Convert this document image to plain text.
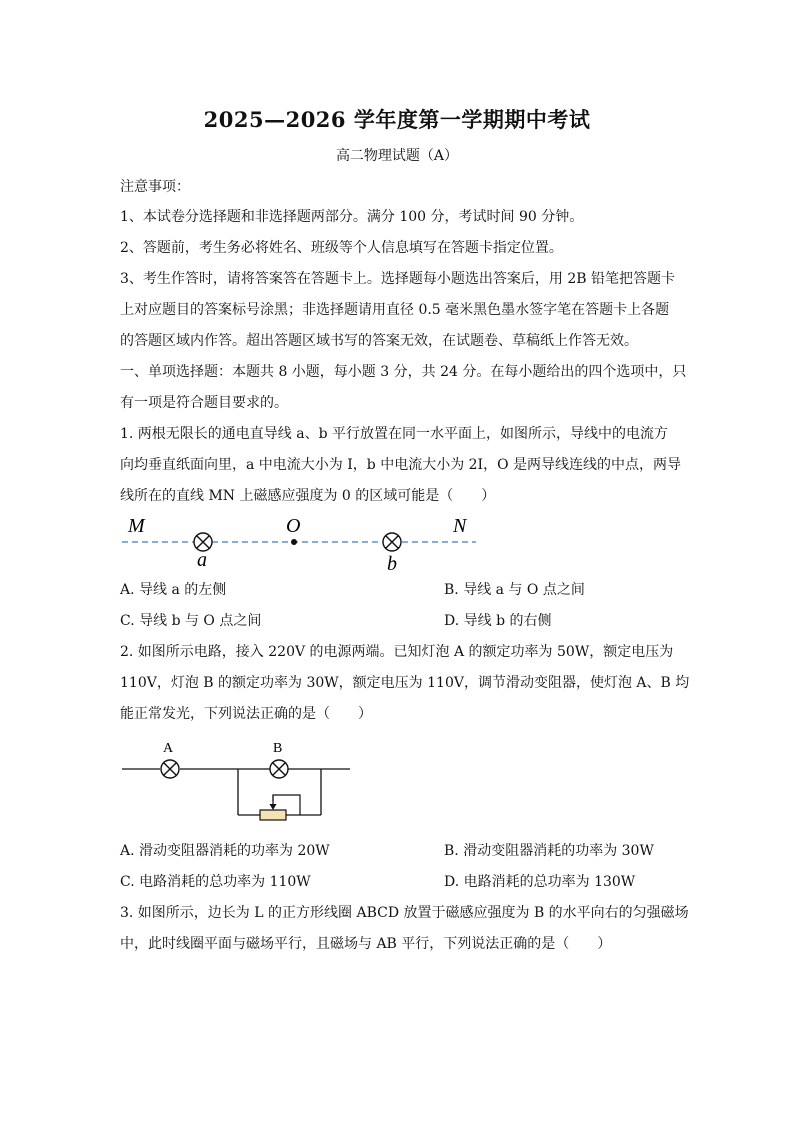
2025—2026 学年度第一学期期中考试
高二物理试题（A）
注意事项：
1、本试卷分选择题和非选择题两部分。满分 100 分，考试时间 90 分钟。
2、答题前，考生务必将姓名、班级等个人信息填写在答题卡指定位置。
3、考生作答时，请将答案答在答题卡上。选择题每小题选出答案后，用 2B 铅笔把答题卡
上对应题目的答案标号涂黑；非选择题请用直径 0.5 毫米黑色墨水签字笔在答题卡上各题
的答题区域内作答。超出答题区域书写的答案无效，在试题卷、草稿纸上作答无效。
一、单项选择题：本题共 8 小题，每小题 3 分，共 24 分。在每小题给出的四个选项中，只
有一项是符合题目要求的。
1. 两根无限长的通电直导线 a、b 平行放置在同一水平面上，如图所示，导线中的电流方
向均垂直纸面向里，a 中电流大小为 I，b 中电流大小为 2I，O 是两导线连线的中点，两导
线所在的直线 MN 上磁感应强度为 0 的区域可能是（　　）
M	O	N
a	b
A. 导线 a 的左侧	B. 导线 a 与 O 点之间
C. 导线 b 与 O 点之间	D. 导线 b 的右侧
2. 如图所示电路，接入 220V 的电源两端。已知灯泡 A 的额定功率为 50W，额定电压为
110V，灯泡 B 的额定功率为 30W，额定电压为 110V，调节滑动变阻器，使灯泡 A、B 均
能正常发光，下列说法正确的是（　　）
A	B
A. 滑动变阻器消耗的功率为 20W	B. 滑动变阻器消耗的功率为 30W
C. 电路消耗的总功率为 110W	D. 电路消耗的总功率为 130W
3. 如图所示，边长为 L 的正方形线圈 ABCD 放置于磁感应强度为 B 的水平向右的匀强磁场
中，此时线圈平面与磁场平行，且磁场与 AB 平行，下列说法正确的是（　　）
